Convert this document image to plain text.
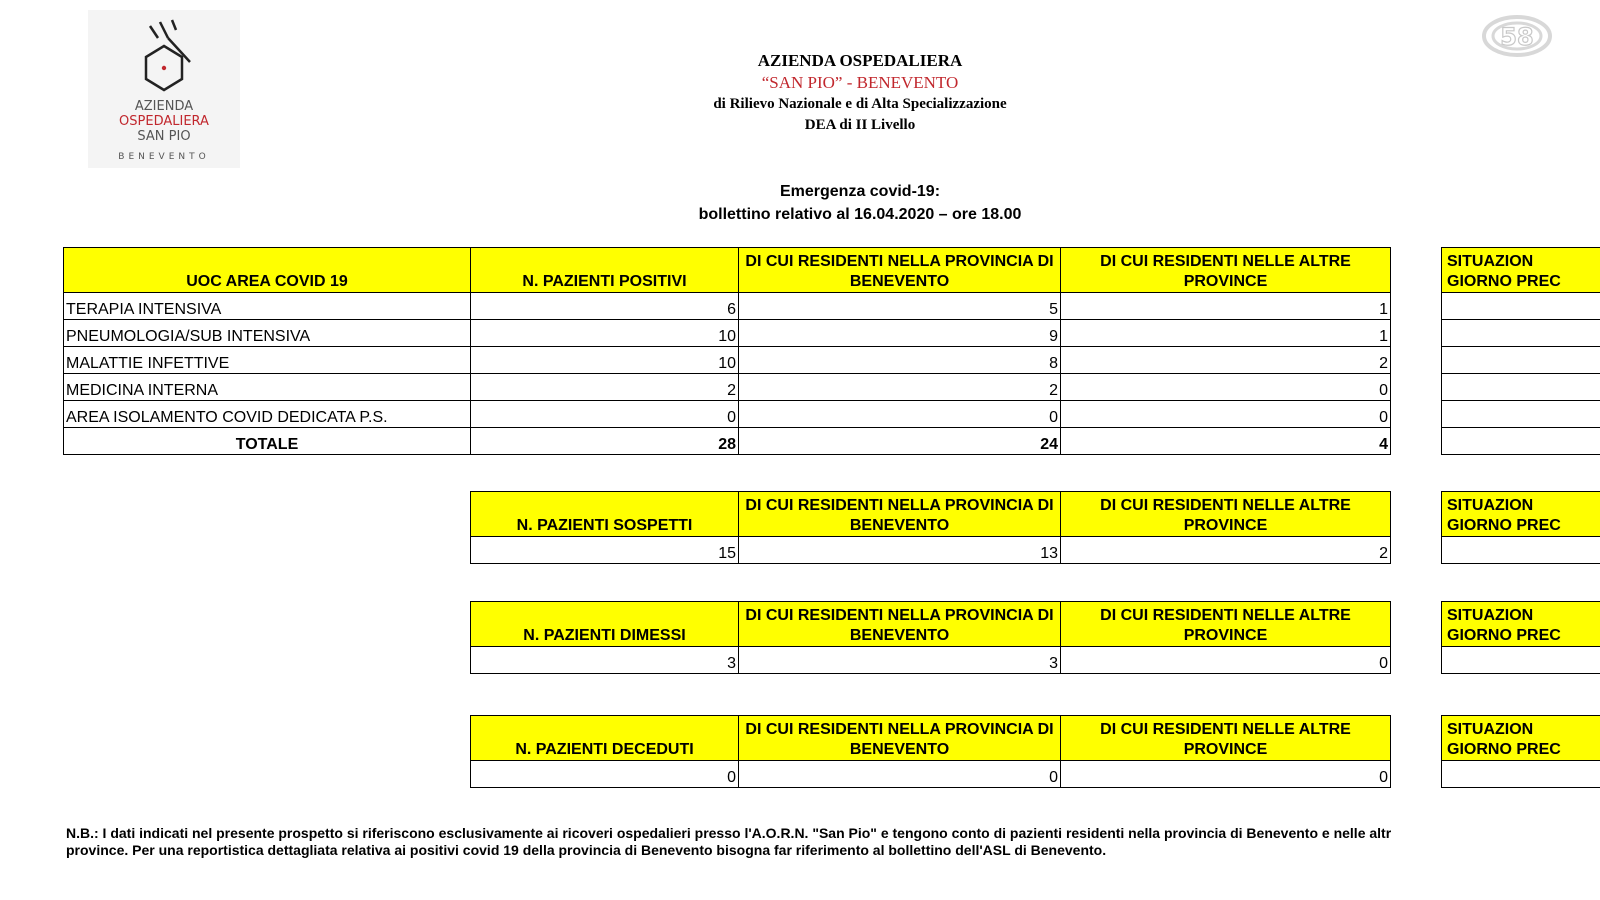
AZIENDA
OSPEDALIERA
SAN PIO
BENEVENTO
58
AZIENDA OSPEDALIERA
“SAN PIO” - BENEVENTO
di Rilievo Nazionale e di Alta Specializzazione
DEA di II Livello
Emergenza covid-19:
bollettino relativo al 16.04.2020 – ore 18.00
UOC AREA COVID 19	N. PAZIENTI POSITIVI	DI CUI RESIDENTI NELLA PROVINCIA DI BENEVENTO	DI CUI RESIDENTI NELLE ALTRE PROVINCE
TERAPIA INTENSIVA	6	5	1
PNEUMOLOGIA/SUB INTENSIVA	10	9	1
MALATTIE INFETTIVE	10	8	2
MEDICINA INTERNA	2	2	0
AREA ISOLAMENTO COVID DEDICATA P.S.	0	0	0
TOTALE	28	24	4
SITUAZION
GIORNO PREC

N. PAZIENTI SOSPETTI	DI CUI RESIDENTI NELLA PROVINCIA DI BENEVENTO	DI CUI RESIDENTI NELLE ALTRE PROVINCE
15	13	2
SITUAZION
GIORNO PREC

N. PAZIENTI DIMESSI	DI CUI RESIDENTI NELLA PROVINCIA DI BENEVENTO	DI CUI RESIDENTI NELLE ALTRE PROVINCE
3	3	0
SITUAZION
GIORNO PREC

N. PAZIENTI DECEDUTI	DI CUI RESIDENTI NELLA PROVINCIA DI BENEVENTO	DI CUI RESIDENTI NELLE ALTRE PROVINCE
0	0	0
SITUAZION
GIORNO PREC

N.B.: I dati indicati nel presente prospetto si riferiscono esclusivamente ai ricoveri ospedalieri presso l'A.O.R.N. "San Pio" e tengono conto di pazienti residenti nella provincia di Benevento e nelle altr
province. Per una reportistica dettagliata relativa ai positivi covid 19 della provincia di Benevento bisogna far riferimento al bollettino dell'ASL di Benevento.
